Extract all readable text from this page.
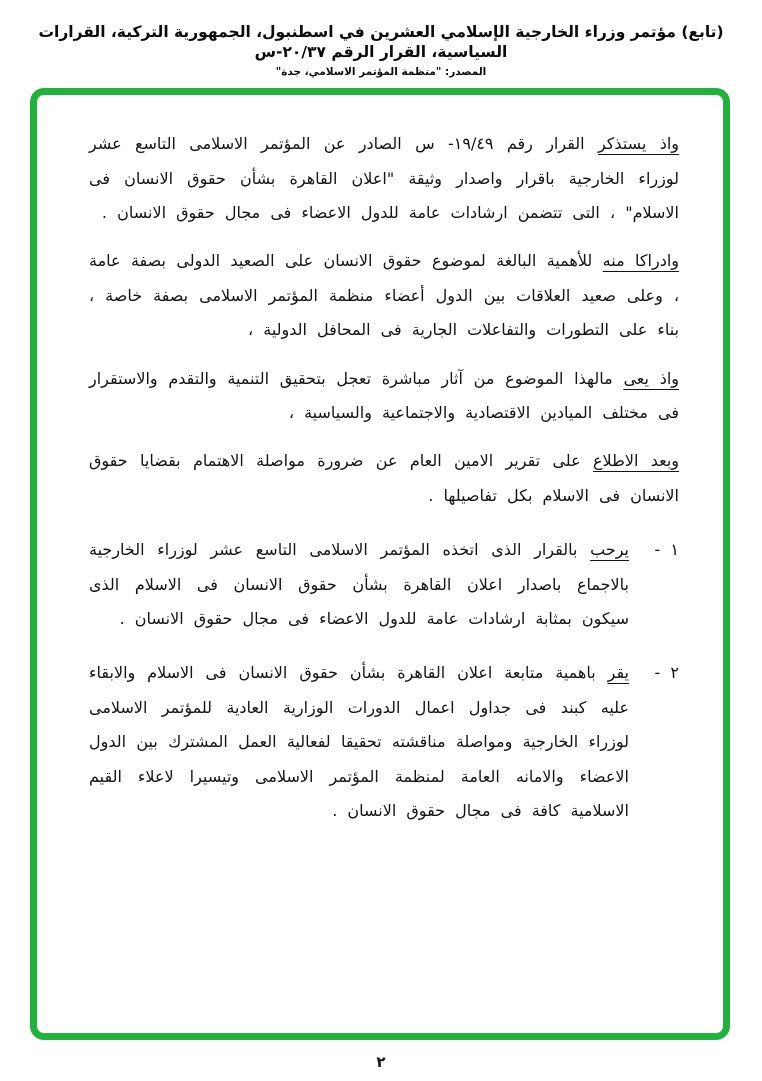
(تابع) مؤتمر وزراء الخارجية الإسلامي العشرين في اسطنبول، الجمهورية التركية، القرارات السياسية، القرار الرقم ٢٠/٣٧-س
المصدر: "منظمة المؤتمر الاسلامي، جدة"

واذ يستذكر القرار رقم ١٩/٤٩- س الصادر عن المؤتمر الاسلامى التاسع عشر لوزراء الخارجية باقرار واصدار وثيقة "اعلان القاهرة بشأن حقوق الانسان فى الاسلام" ، التى تتضمن ارشادات عامة للدول الاعضاء فى مجال حقوق الانسان .

وادراكا منه للأهمية البالغة لموضوع حقوق الانسان على الصعيد الدولى بصفة عامة ، وعلى صعيد العلاقات بين الدول أعضاء منظمة المؤتمر الاسلامى بصفة خاصة ، بناء على التطورات والتفاعلات الجارية فى المحافل الدولية ،

واذ يعى مالهذا الموضوع من آثار مباشرة تعجل بتحقيق التنمية والتقدم والاستقرار فى مختلف الميادين الاقتصادية والاجتماعية والسياسية ،

وبعد الاطلاع على تقرير الامين العام عن ضرورة مواصلة الاهتمام بقضايا حقوق الانسان فى الاسلام بكل تفاصيلها .

١ -

يرحب بالقرار الذى اتخذه المؤتمر الاسلامى التاسع عشر لوزراء الخارجية بالاجماع باصدار اعلان القاهرة بشأن حقوق الانسان فى الاسلام الذى سيكون بمثابة ارشادات عامة للدول الاعضاء فى مجال حقوق الانسان .

٢ -

يقر باهمية متابعة اعلان القاهرة بشأن حقوق الانسان فى الاسلام والابقاء عليه كبند فى جداول اعمال الدورات الوزارية العادية للمؤتمر الاسلامى لوزراء الخارجية ومواصلة مناقشته تحقيقا لفعالية العمل المشترك بين الدول الاعضاء والامانه العامة لمنظمة المؤتمر الاسلامى وتيسيرا لاعلاء القيم الاسلامية كافة فى مجال حقوق الانسان .

٢
